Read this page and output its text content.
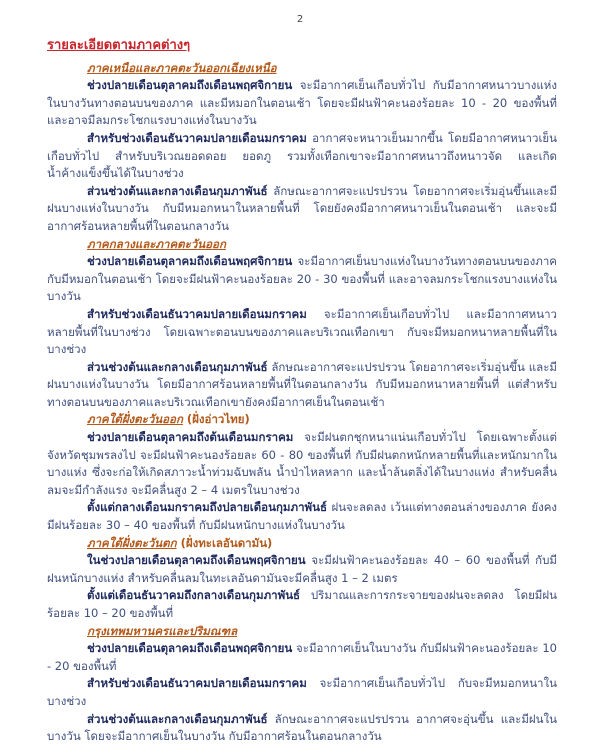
2
รายละเอียดตามภาคต่างๆ
ภาคเหนือและภาคตะวันออกเฉียงเหนือ

ช่วงปลายเดือนตุลาคมถึงเดือนพฤศจิกายน จะมีอากาศเย็นเกือบทั่วไป กับมีอากาศหนาวบางแห่งในบางวันทางตอนบนของภาค และมีหมอกในตอนเช้า โดยจะมีฝนฟ้าคะนองร้อยละ 10 - 20 ของพื้นที่ และอาจมีลมกระโชกแรงบางแห่งในบางวัน

สำหรับช่วงเดือนธันวาคมปลายเดือนมกราคม อากาศจะหนาวเย็นมากขึ้น โดยมีอากาศหนาวเย็นเกือบทั่วไป สำหรับบริเวณยอดดอย ยอดภู รวมทั้งเทือกเขาจะมีอากาศหนาวถึงหนาวจัด และเกิดน้ำค้างแข็งขึ้นได้ในบางช่วง

ส่วนช่วงต้นและกลางเดือนกุมภาพันธ์ ลักษณะอากาศจะแปรปรวน โดยอากาศจะเริ่มอุ่นขึ้นและมีฝนบางแห่งในบางวัน กับมีหมอกหนาในหลายพื้นที่ โดยยังคงมีอากาศหนาวเย็นในตอนเช้า และจะมีอากาศร้อนหลายพื้นที่ในตอนกลางวัน

ภาคกลางและภาคตะวันออก

ช่วงปลายเดือนตุลาคมถึงเดือนพฤศจิกายน จะมีอากาศเย็นบางแห่งในบางวันทางตอนบนของภาค กับมีหมอกในตอนเช้า โดยจะมีฝนฟ้าคะนองร้อยละ 20 - 30 ของพื้นที่ และอาจลมกระโชกแรงบางแห่งในบางวัน

สำหรับช่วงเดือนธันวาคมปลายเดือนมกราคม จะมีอากาศเย็นเกือบทั่วไป และมีอากาศหนาวหลายพื้นที่ในบางช่วง โดยเฉพาะตอนบนของภาคและบริเวณเทือกเขา กับจะมีหมอกหนาหลายพื้นที่ในบางช่วง

ส่วนช่วงต้นและกลางเดือนกุมภาพันธ์ ลักษณะอากาศจะแปรปรวน โดยอากาศจะเริ่มอุ่นขึ้น และมีฝนบางแห่งในบางวัน โดยมีอากาศร้อนหลายพื้นที่ในตอนกลางวัน กับมีหมอกหนาหลายพื้นที่ แต่สำหรับทางตอนบนของภาคและบริเวณเทือกเขายังคงมีอากาศเย็นในตอนเช้า

ภาคใต้ฝั่งตะวันออก (ฝั่งอ่าวไทย)

ช่วงปลายเดือนตุลาคมถึงต้นเดือนมกราคม จะมีฝนตกชุกหนาแน่นเกือบทั่วไป โดยเฉพาะตั้งแต่จังหวัดชุมพรลงไป จะมีฝนฟ้าคะนองร้อยละ 60 - 80 ของพื้นที่ กับมีฝนตกหนักหลายพื้นที่และหนักมากในบางแห่ง ซึ่งจะก่อให้เกิดสภาวะน้ำท่วมฉับพลัน น้ำป่าไหลหลาก และน้ำล้นตลิ่งได้ในบางแห่ง สำหรับคลื่นลมจะมีกำลังแรง จะมีคลื่นสูง 2 – 4 เมตรในบางช่วง

ตั้งแต่กลางเดือนมกราคมถึงปลายเดือนกุมภาพันธ์ ฝนจะลดลง เว้นแต่ทางตอนล่างของภาค ยังคงมีฝนร้อยละ 30 – 40 ของพื้นที่ กับมีฝนหนักบางแห่งในบางวัน

ภาคใต้ฝั่งตะวันตก (ฝั่งทะเลอันดามัน)

ในช่วงปลายเดือนตุลาคมถึงเดือนพฤศจิกายน จะมีฝนฟ้าคะนองร้อยละ 40 – 60 ของพื้นที่ กับมีฝนหนักบางแห่ง สำหรับคลื่นลมในทะเลอันดามันจะมีคลื่นสูง 1 – 2 เมตร

ตั้งแต่เดือนธันวาคมถึงกลางเดือนกุมภาพันธ์ ปริมาณและการกระจายของฝนจะลดลง โดยมีฝนร้อยละ 10 – 20 ของพื้นที่

กรุงเทพมหานครและปริมณฑล

ช่วงปลายเดือนตุลาคมถึงเดือนพฤศจิกายน จะมีอากาศเย็นในบางวัน กับมีฝนฟ้าคะนองร้อยละ 10 - 20 ของพื้นที่

สำหรับช่วงเดือนธันวาคมปลายเดือนมกราคม จะมีอากาศเย็นเกือบทั่วไป กับจะมีหมอกหนาในบางช่วง

ส่วนช่วงต้นและกลางเดือนกุมภาพันธ์ ลักษณะอากาศจะแปรปรวน อากาศจะอุ่นขึ้น และมีฝนในบางวัน โดยจะมีอากาศเย็นในบางวัน กับมีอากาศร้อนในตอนกลางวัน
